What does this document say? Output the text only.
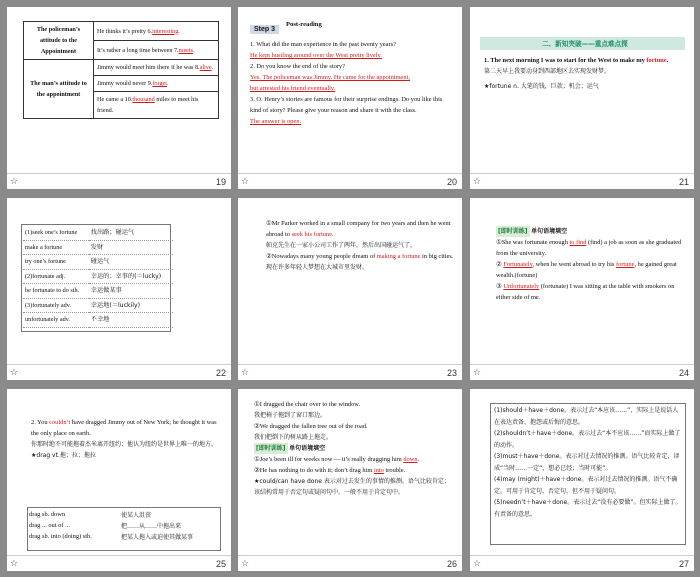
The policeman’s attitude to the Appointment	He thinks it’s pretty 6.interesting.
	It’s rather a long time between 7.meets.
The man’s attitude to the appointment	Jimmy would meet him there if he was 8.alive.
	Jimmy would never 9.forget.
	He came a 10.thousand miles to meet his friend.
☆	19
Step 3
Post-reading
1. What did the man experience in the past twenty years?
He kept hustling around over the West pretty lively.
2. Do you know the end of the story?
Yes. The policeman was Jimmy. He came for the appointment,
but arrested his friend eventually.
3. O. Henry’s stories are famous for their surprise endings. Do you like this kind of story? Please give your reason and share it with the class.
The answer is open.
☆	20
二、新知突破——重点难点探
1. The next morning I was to start for the West to make my fortune.
第二天早上我要动身到西部地区去实现发财梦。
★fortune n. 大笔的钱，巨款；机会；运气
☆	21
(1)seek one’s fortune	找出路；碰运气
make a fortune	发财
try one’s fortune	碰运气
(2)fortunate adj.	幸运的；幸事的(＝lucky)
be fortunate to do sth.	幸运做某事
(3)fortunately adv.	幸运地(＝luckily)
unfortunately adv.	不幸地
☆	22
①Mr Parker worked in a small company for two years and then he went abroad to seek his fortune.
帕克先生在一家小公司工作了两年，然后出国碰运气了。
②Nowadays many young people dream of making a fortune in big cities.
现在许多年轻人梦想在大城市里发财。
☆	23
[即时训练] 单句语境填空
①She was fortunate enough to find (find) a job as soon as she graduated from the university.
② Fortunately, when he went abroad to try his fortune, he gained great wealth.(fortune)
③ Unfortunately (fortunate) I was sitting at the table with smokers on either side of me.
☆	24
2. You couldn’t have dragged Jimmy out of New York; he thought it was the only place on earth.
你那时绝不可能拖着杰米离开纽约；他认为纽约是世界上唯一的地方。
★drag vt.拖；拉；拖拉
drag sb. down	使某人沮丧
drag ... out of ...	把……从……中拖出来
drag sb. into (doing) sth.	把某人拖入或迫使其做某事
☆	25
①I dragged the chair over to the window.
我把椅子拖到了窗口那边。
②We dragged the fallen tree out of the road.
我们把倒下的树从路上拖走。
[即时训练] 单句语境填空
①Joe’s been ill for weeks now — it’s really dragging him down.
②He has nothing to do with it; don’t drag him into trouble.
★could/can have done 表示对过去发生的事情的推测。语气比较肯定；该结构常用于否定句或疑问句中。一般不用于肯定句中。
☆	26
(1)should＋have＋done。表示过去“本应该……”，实际上是说话人在表达责备、抱怨或后悔的意思。
(2)shouldn’t＋have＋done。表示过去“本不应该……”而实际上做了的动作。
(3)must＋have＋done。表示对过去情况的推测。语气比较肯定，译成“当时……一定”，想必已经；当时可能”。
(4)may (might)＋have＋done。表示对过去情况的推测。语气不确定。可用于肯定句、否定句，但不用于疑问句。
(5)needn’t＋have＋done。表示过去“没有必要做”。但实际上做了。有责备的意思。
☆	27
